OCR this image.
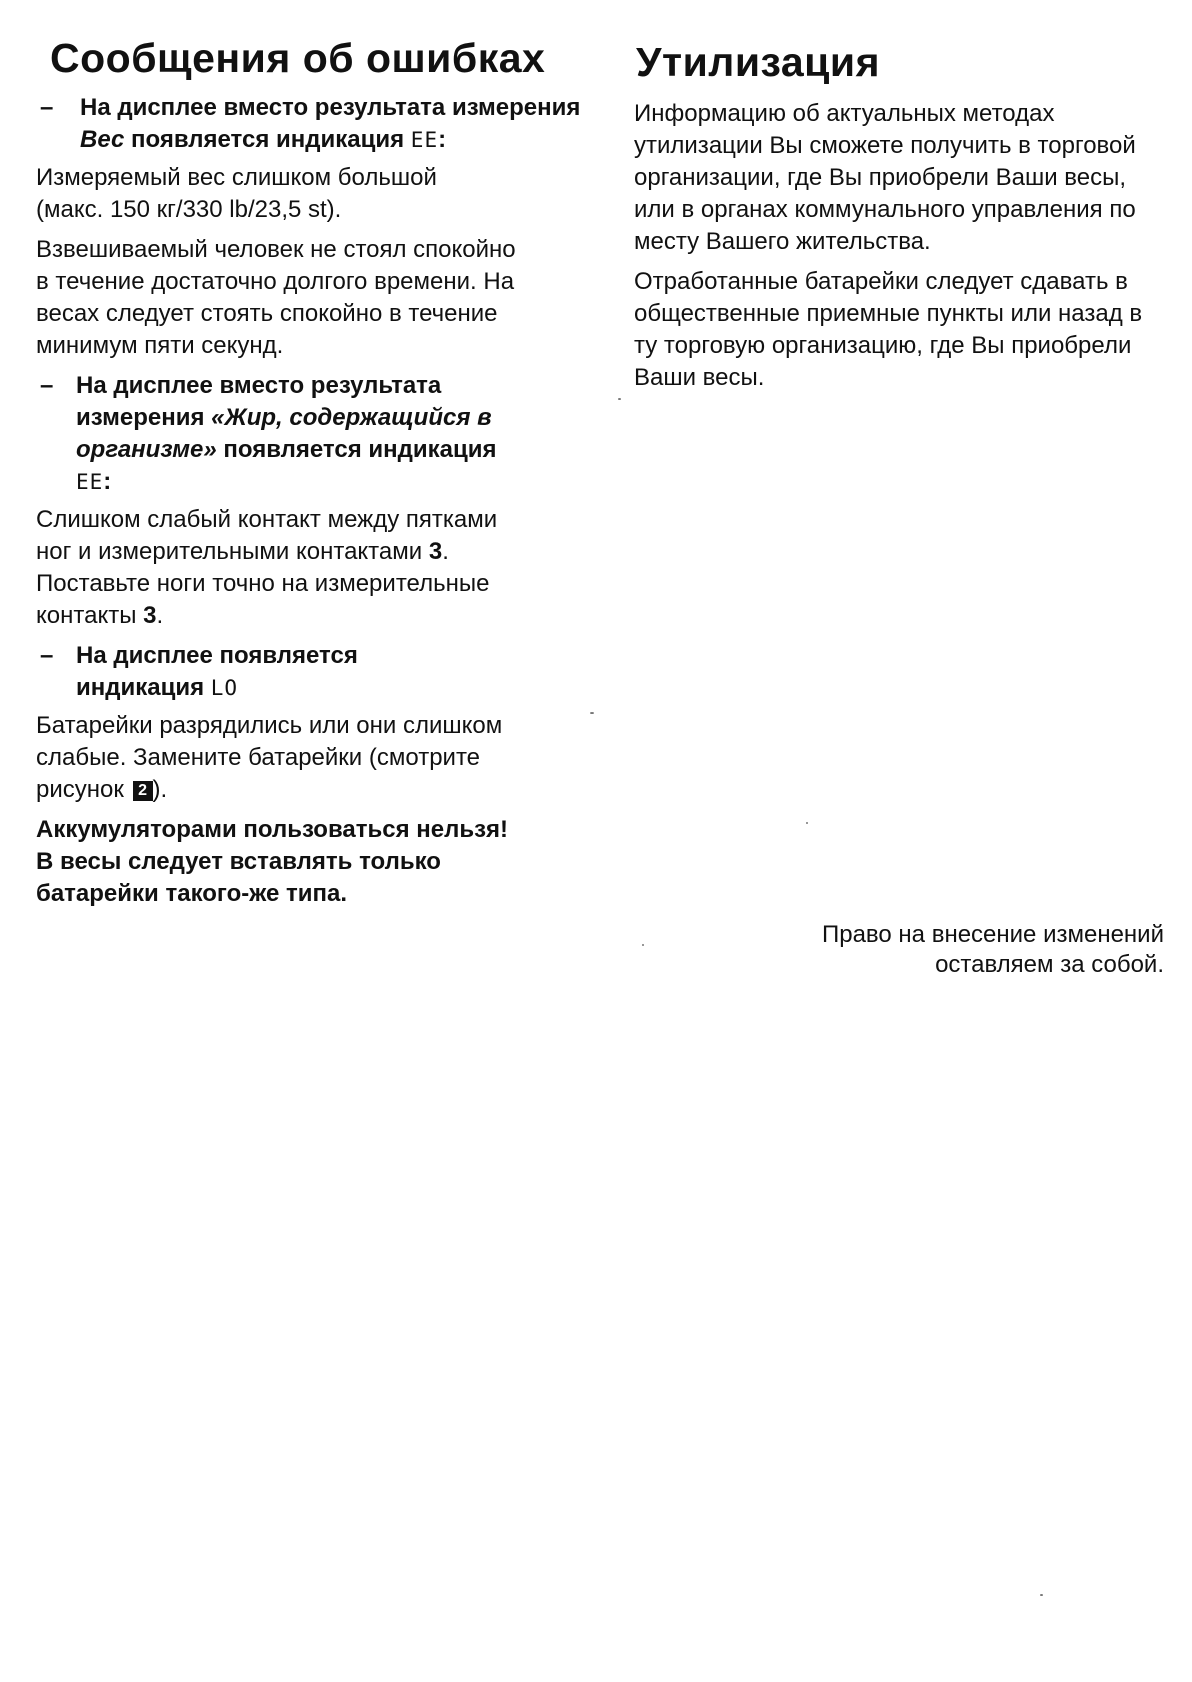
Сообщения об ошибках
– На дисплее вместо результата измерения Вес появляется индикация EE:

Измеряемый вес слишком большой (макс. 150 кг/330 lb/23,5 st).

Взвешиваемый человек не стоял спокойно в течение достаточно долгого времени. На весах следует стоять спокойно в течение минимум пяти секунд.

– На дисплее вместо результата измерения «Жир, содержащийся в организме» появляется индикация EE:

Слишком слабый контакт между пятками ног и измерительными контактами 3. Поставьте ноги точно на измерительные контакты 3.

– На дисплее появляется индикация LO

Батарейки разрядились или они слишком слабые. Замените батарейки (смотрите рисунок 2 ).

Аккумуляторами пользоваться нельзя! В весы следует вставлять только батарейки такого-же типа.

Утилизация

Информацию об актуальных методах утилизации Вы сможете получить в торговой организации, где Вы приобрели Ваши весы, или в органах коммунального управления по месту Вашего жительства.

Отработанные батарейки следует сдавать в общественные приемные пункты или назад в ту торговую организацию, где Вы приобрели Ваши весы.

Право на внесение изменений оставляем за собой.
